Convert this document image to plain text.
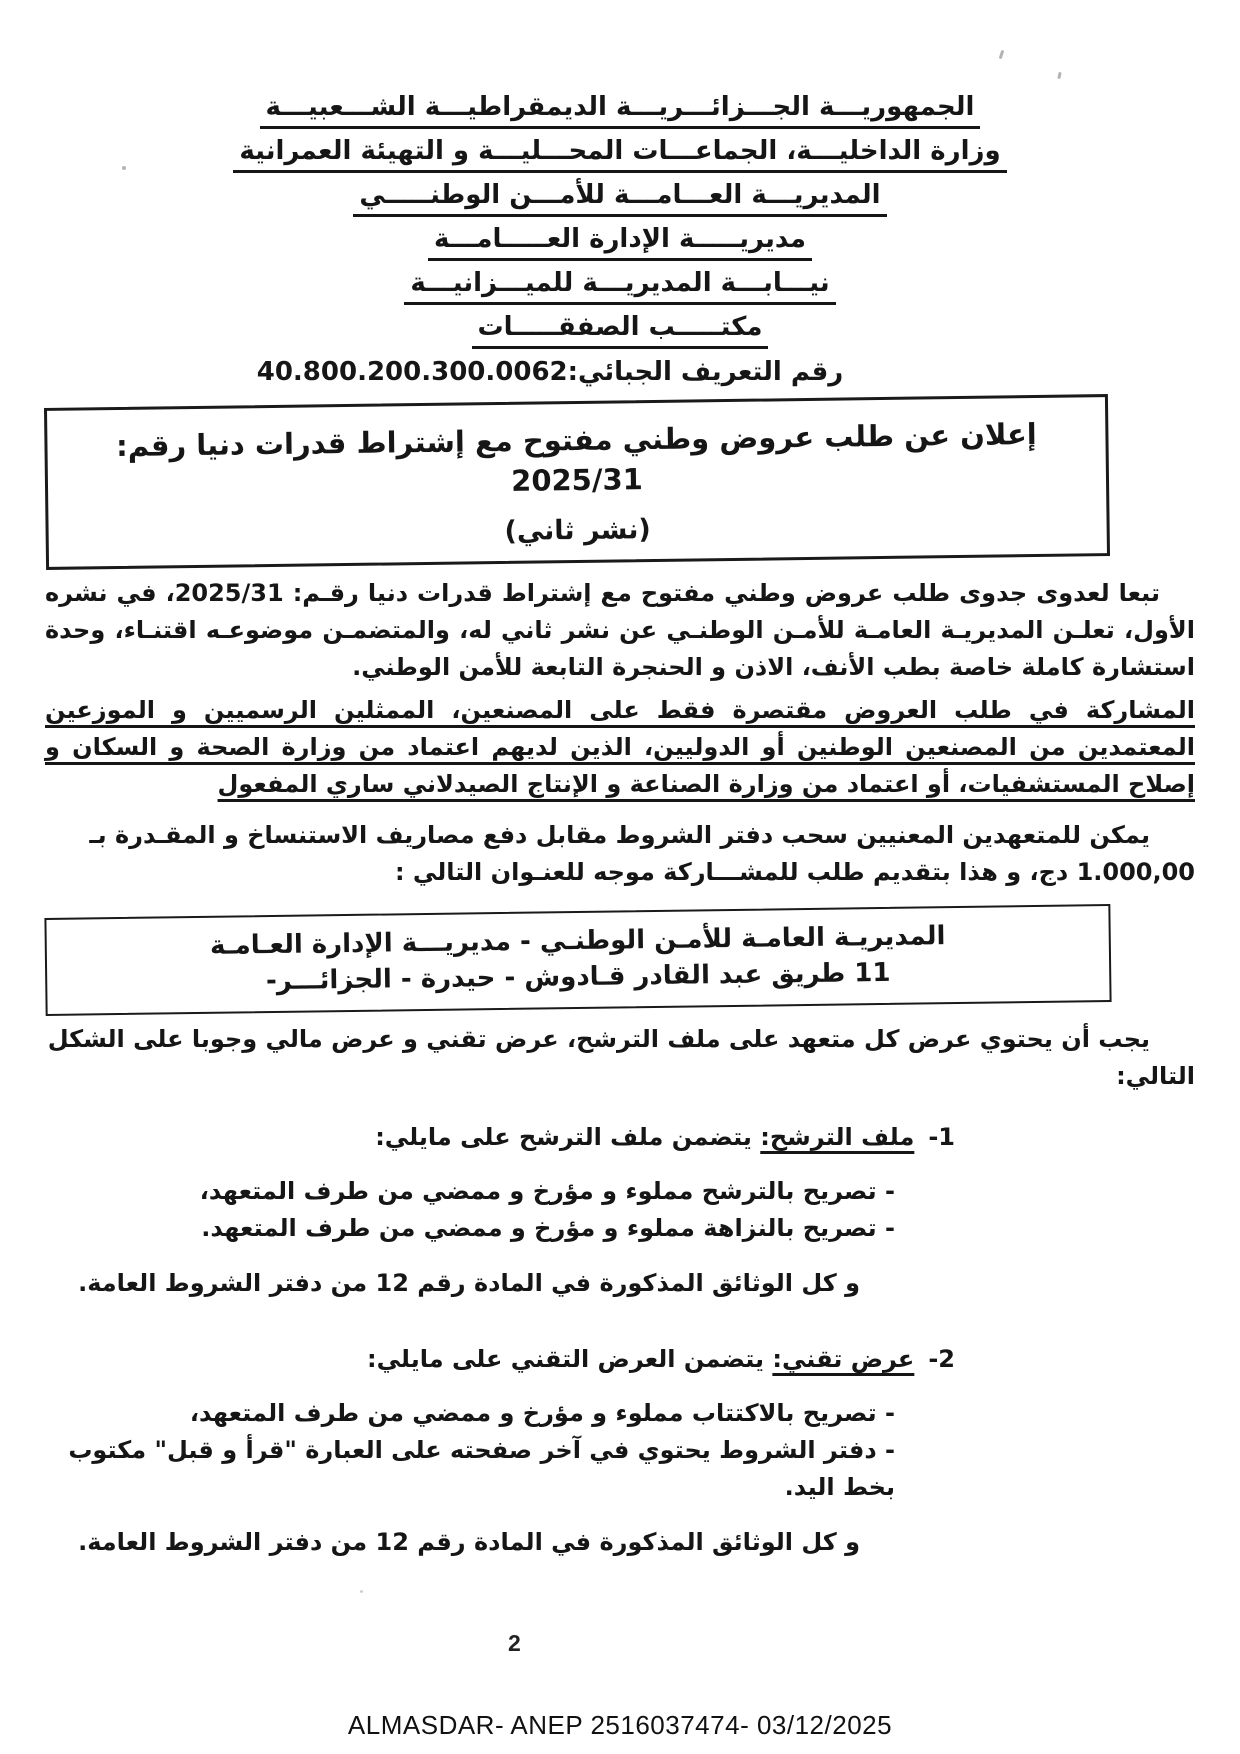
الجمهوريـــة الجـــزائـــريـــة الديمقراطيـــة الشـــعبيـــة
وزارة الداخليـــة، الجماعـــات المحـــليـــة و التهيئة العمرانية
المديريـــة العـــامـــة للأمـــن الوطنـــــي
مديريـــــة الإدارة العـــــامـــة
نيـــابـــة المديريـــة للميـــزانيـــة
مكتـــــب الصفقـــــات
رقم التعريف الجبائي:40.800.200.300.0062
إعلان عن طلب عروض وطني مفتوح مع إشتراط قدرات دنيا رقم: 2025/31
(نشر ثاني)

تبعا لعدوى جدوى طلب عروض وطني مفتوح مع إشتراط قدرات دنيا رقـم: 2025/31، في نشره الأول، تعلـن المديريـة العامـة للأمـن الوطنـي عن نشر ثاني له، والمتضمـن موضوعـه اقتنـاء، وحدة استشارة كاملة خاصة بطب الأنف، الاذن و الحنجرة التابعة للأمن الوطني.

المشاركة في طلب العروض مقتصرة فقط على المصنعين، الممثلين الرسميين و الموزعين المعتمدين من المصنعين الوطنين أو الدوليين، الذين لديهم اعتماد من وزارة الصحة و السكان و إصلاح المستشفيات، أو اعتماد من وزارة الصناعة و الإنتاج الصيدلاني ساري المفعول

يمكن للمتعهدين المعنيين سحب دفتر الشروط مقابل دفع مصاريف الاستنساخ و المقـدرة بـ 1.000,00 دج، و هذا بتقديم طلب للمشـــاركة موجه للعنـوان التالي :

المديريـة العامـة للأمـن الوطنـي - مديريـــة الإدارة العـامـة
11 طريق عبد القادر قـادوش - حيدرة - الجزائـــر-

يجب أن يحتوي عرض كل متعهد على ملف الترشح، عرض تقني و عرض مالي وجوبا على الشكل التالي:

1-ملف الترشح: يتضمن ملف الترشح على مايلي:
- تصريح بالترشح مملوء و مؤرخ و ممضي من طرف المتعهد،
- تصريح بالنزاهة مملوء و مؤرخ و ممضي من طرف المتعهد.
و كل الوثائق المذكورة في المادة رقم 12 من دفتر الشروط العامة.
2-عرض تقني: يتضمن العرض التقني على مايلي:
- تصريح بالاكتتاب مملوء و مؤرخ و ممضي من طرف المتعهد،
- دفتر الشروط يحتوي في آخر صفحته على العبارة "قرأ و قبل" مكتوب بخط اليد.
و كل الوثائق المذكورة في المادة رقم 12 من دفتر الشروط العامة.
2
ALMASDAR- ANEP 2516037474- 03/12/2025
